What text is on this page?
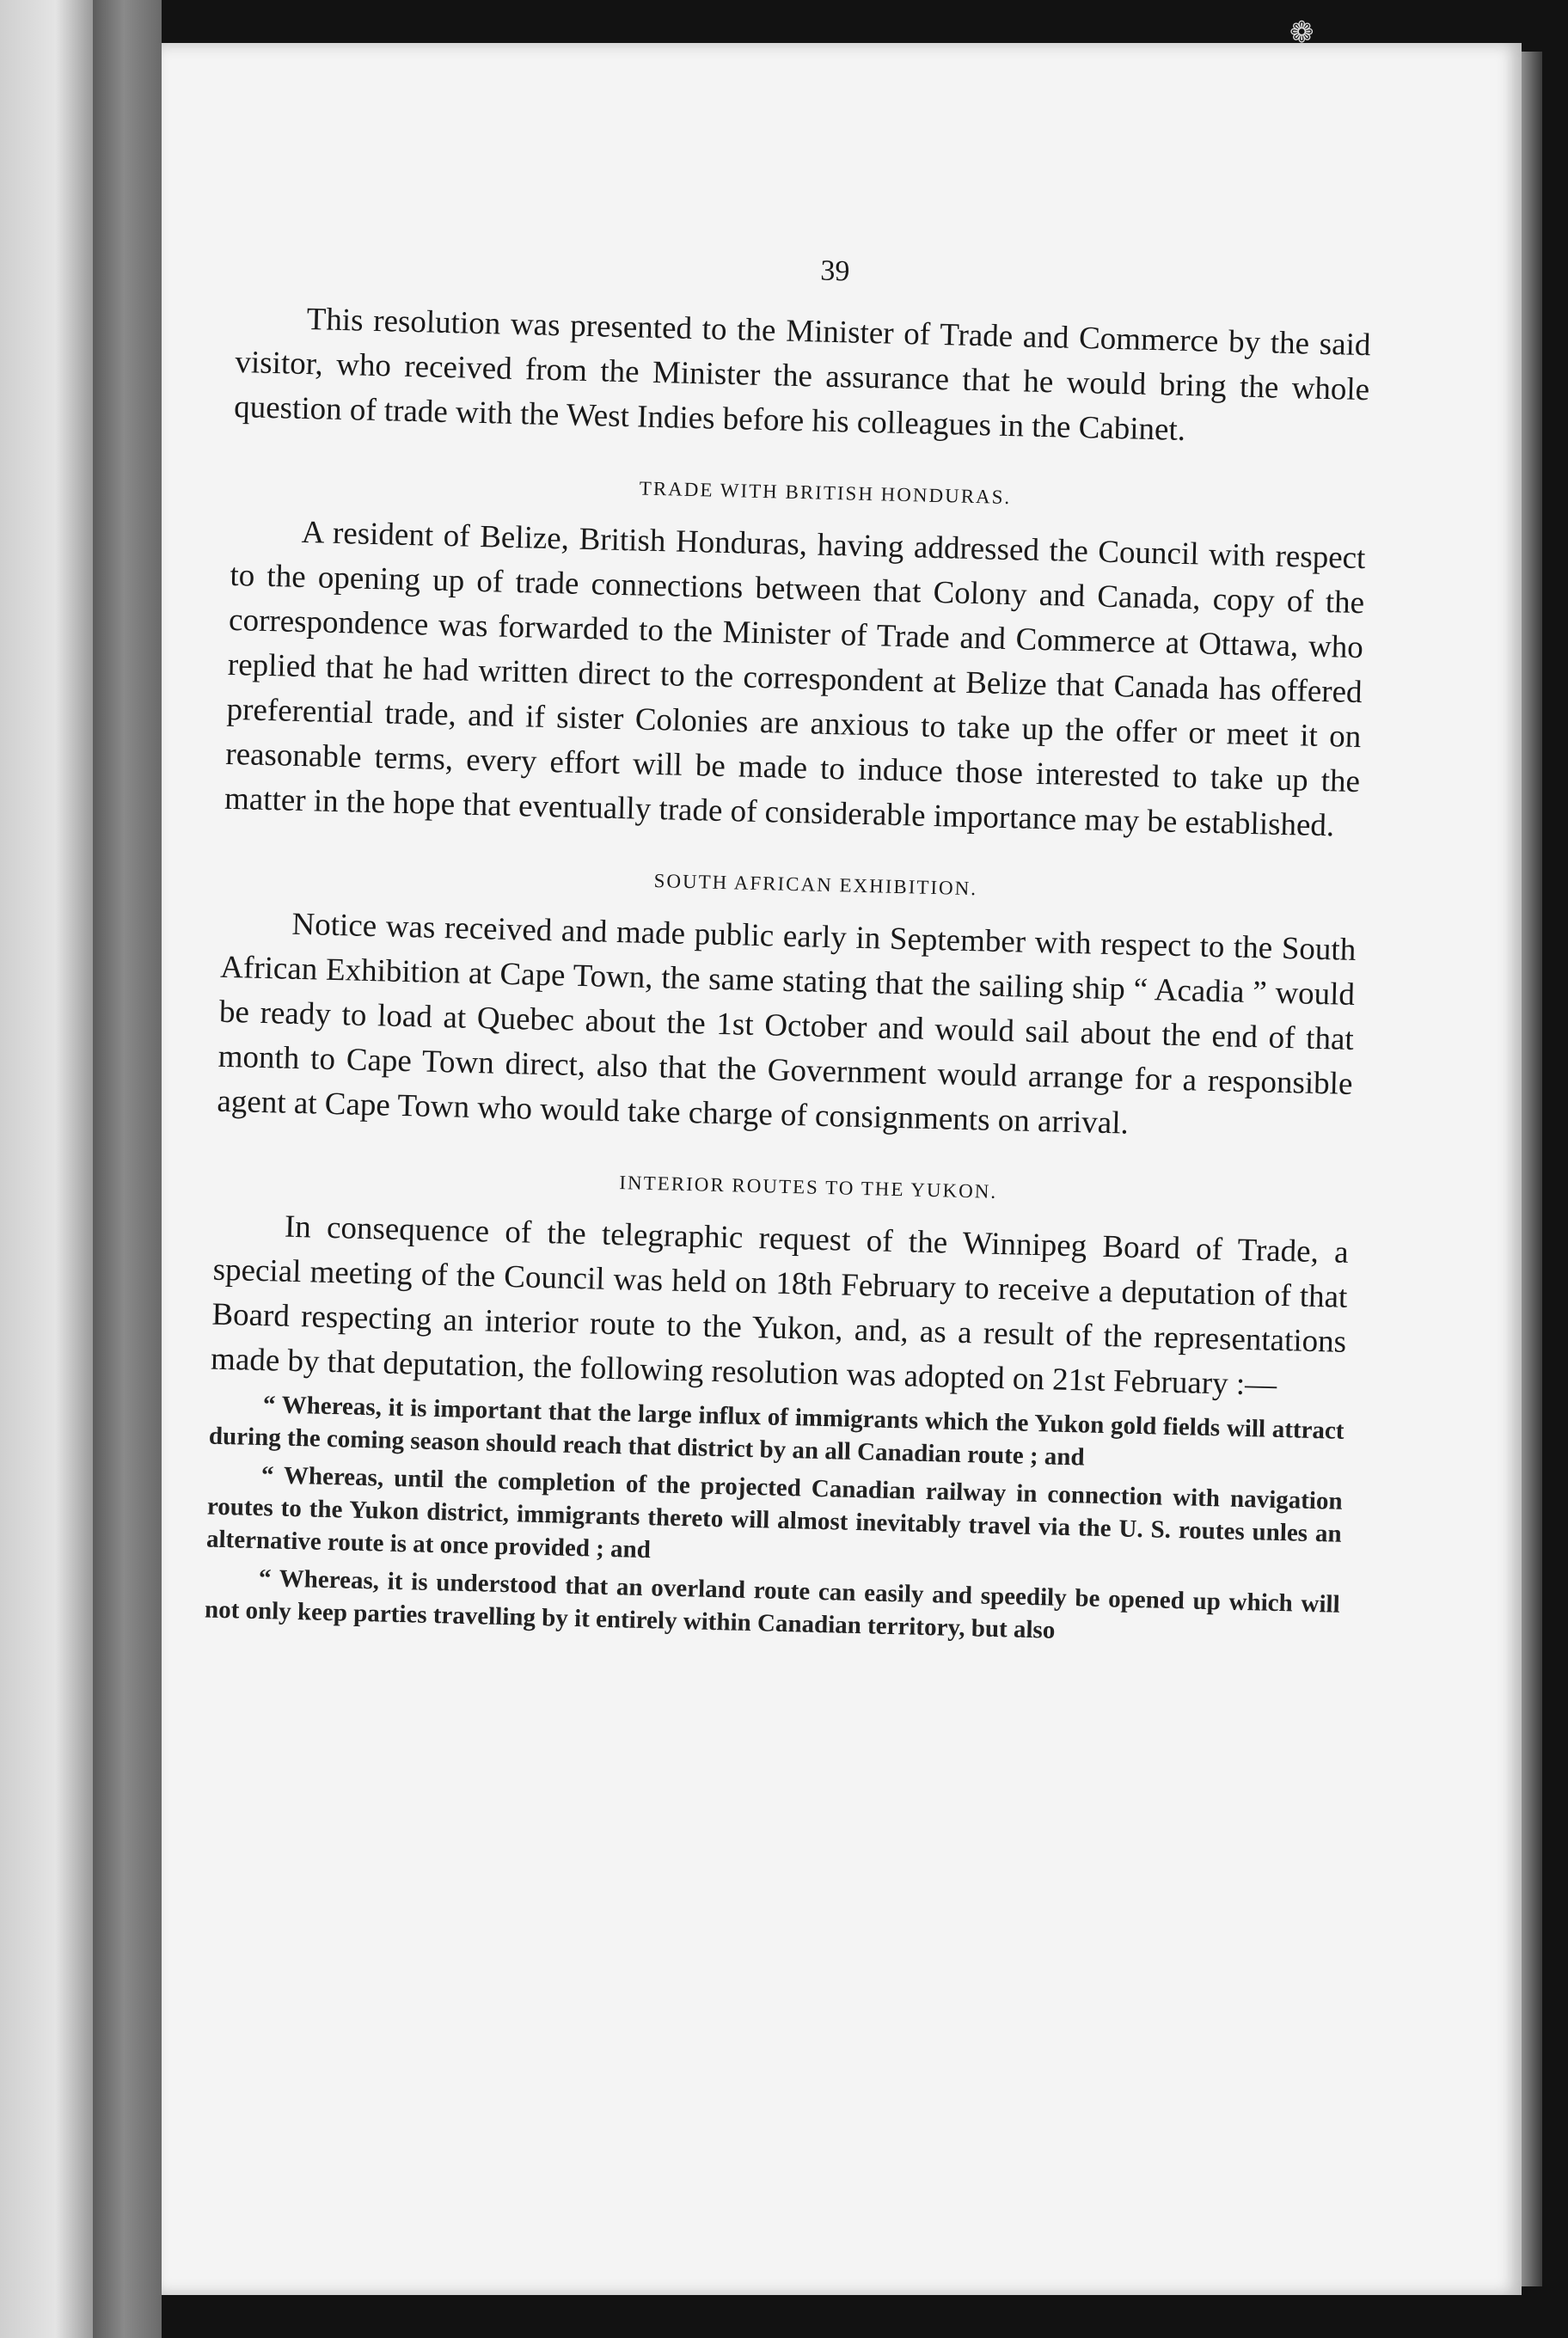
❁
39

This resolution was presented to the Minister of Trade and Commerce by the said visitor, who received from the Minister the assurance that he would bring the whole question of trade with the West Indies before his colleagues in the Cabinet.

TRADE WITH BRITISH HONDURAS.

A resident of Belize, British Honduras, having addressed the Council with respect to the opening up of trade connections between that Colony and Canada, copy of the correspondence was forwarded to the Minister of Trade and Commerce at Ottawa, who replied that he had written direct to the correspondent at Belize that Canada has offered preferential trade, and if sister Colonies are anxious to take up the offer or meet it on reasonable terms, every effort will be made to induce those interested to take up the matter in the hope that eventually trade of considerable importance may be established.

SOUTH AFRICAN EXHIBITION.

Notice was received and made public early in September with respect to the South African Exhibition at Cape Town, the same stating that the sailing ship “ Acadia ” would be ready to load at Quebec about the 1st October and would sail about the end of that month to Cape Town direct, also that the Government would arrange for a responsible agent at Cape Town who would take charge of consignments on arrival.

INTERIOR ROUTES TO THE YUKON.

In consequence of the telegraphic request of the Winnipeg Board of Trade, a special meeting of the Council was held on 18th February to receive a deputation of that Board respecting an interior route to the Yukon, and, as a result of the representations made by that deputation, the following resolution was adopted on 21st February :—

“ Whereas, it is important that the large influx of immigrants which the Yukon gold fields will attract during the coming season should reach that district by an all Canadian route ; and

“ Whereas, until the completion of the projected Canadian railway in connection with navigation routes to the Yukon district, immigrants thereto will almost inevitably travel via the U. S. routes unles an alternative route is at once provided ; and

“ Whereas, it is understood that an overland route can easily and speedily be opened up which will not only keep parties travelling by it entirely within Canadian territory, but also
